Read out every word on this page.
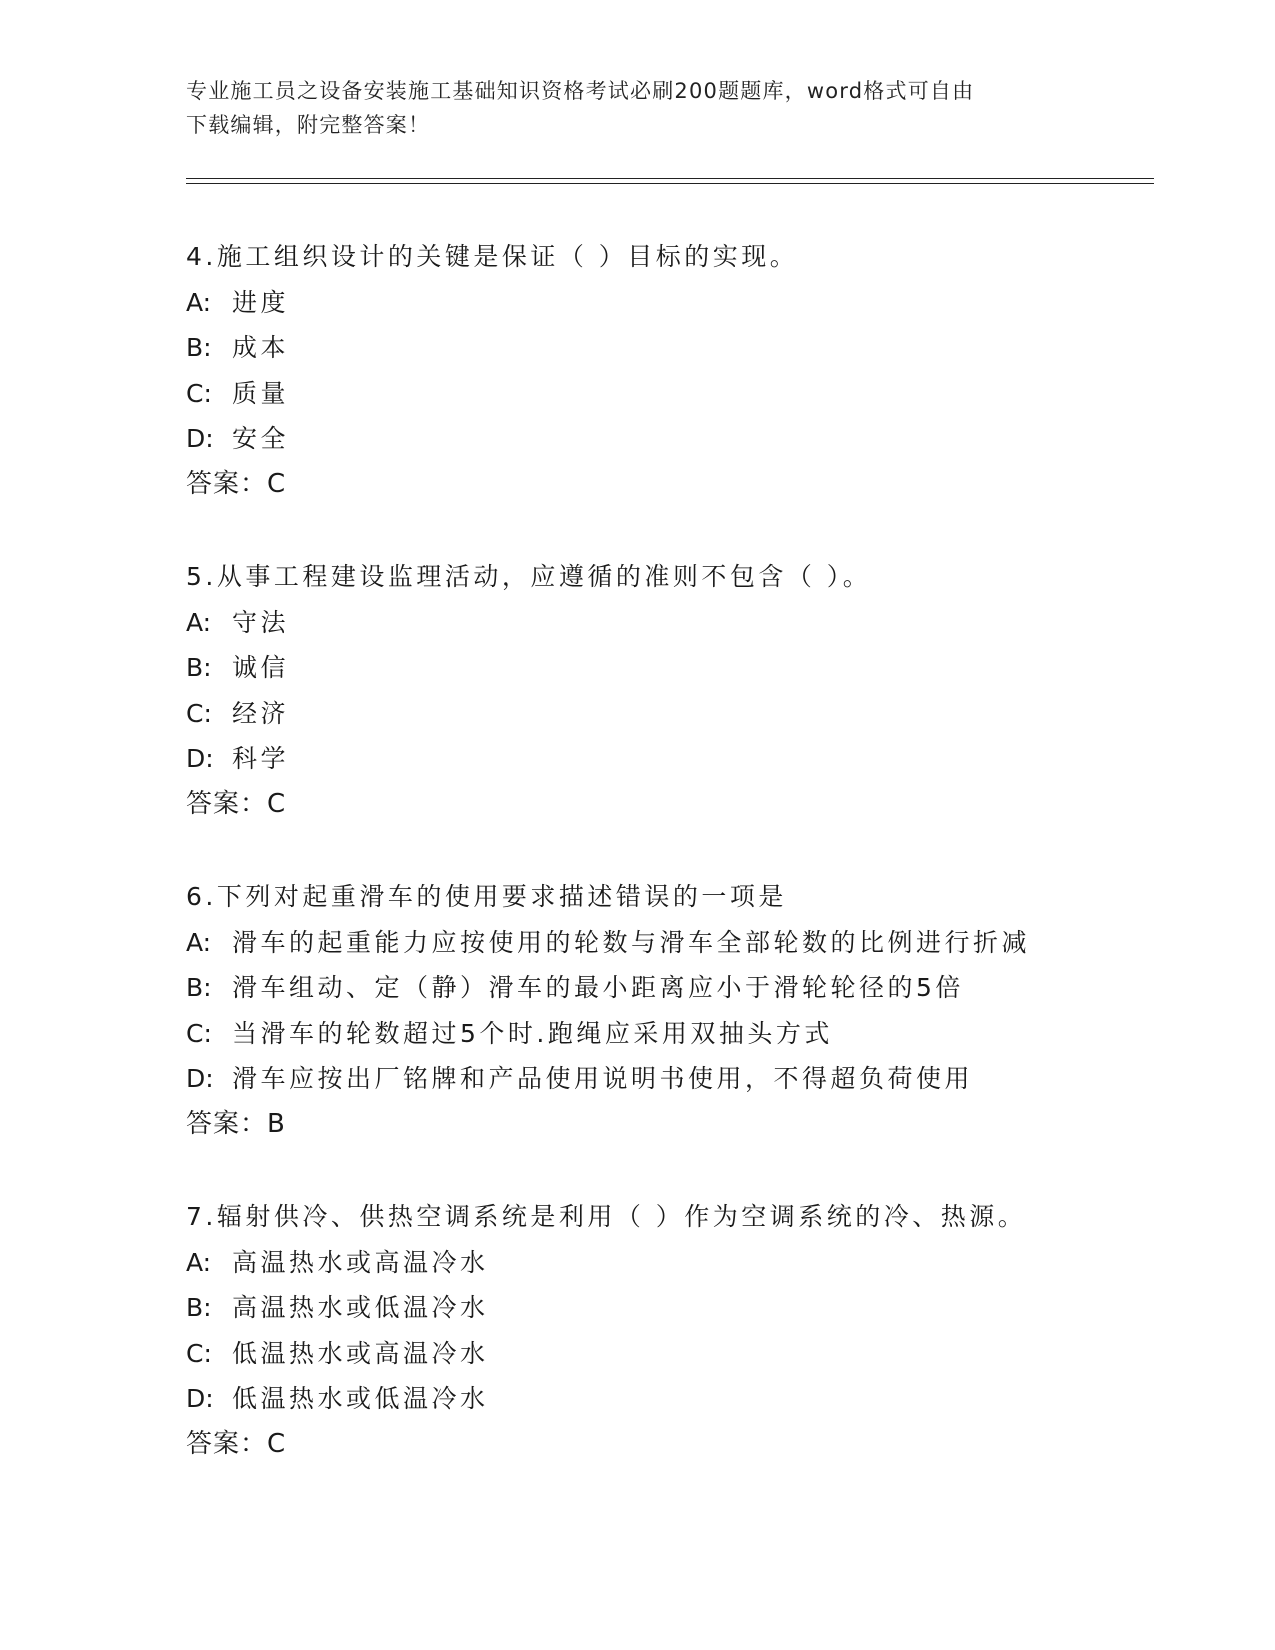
专业施工员之设备安装施工基础知识资格考试必刷200题题库，word格式可自由
下载编辑，附完整答案！
4.施工组织设计的关键是保证（ ）目标的实现。
A: 进度
B: 成本
C: 质量
D: 安全
答案：C
5.从事工程建设监理活动，应遵循的准则不包含（ ）。
A: 守法
B: 诚信
C: 经济
D: 科学
答案：C
6.下列对起重滑车的使用要求描述错误的一项是
A: 滑车的起重能力应按使用的轮数与滑车全部轮数的比例进行折减
B: 滑车组动、定（静）滑车的最小距离应小于滑轮轮径的5倍
C: 当滑车的轮数超过5个时.跑绳应采用双抽头方式
D: 滑车应按出厂铭牌和产品使用说明书使用，不得超负荷使用
答案：B
7.辐射供冷、供热空调系统是利用（ ）作为空调系统的冷、热源。
A: 高温热水或高温冷水
B: 高温热水或低温冷水
C: 低温热水或高温冷水
D: 低温热水或低温冷水
答案：C
